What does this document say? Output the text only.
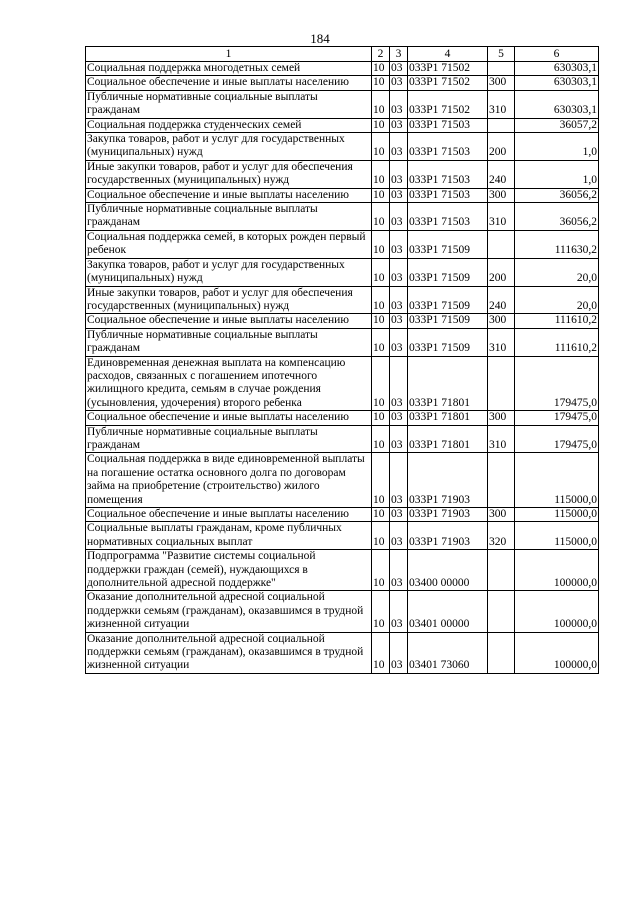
184
1	2	3	4	5	6
Социальная поддержка многодетных семей	10	03	033P1 71502		630303,1
Социальное обеспечение и иные выплаты населению	10	03	033P1 71502	300	630303,1
Публичные нормативные социальные выплаты гражданам	10	03	033P1 71502	310	630303,1
Социальная поддержка студенческих семей	10	03	033P1 71503		36057,2
Закупка товаров, работ и услуг для государственных (муниципальных) нужд	10	03	033P1 71503	200	1,0
Иные закупки товаров, работ и услуг для обеспечения государственных (муниципальных) нужд	10	03	033P1 71503	240	1,0
Социальное обеспечение и иные выплаты населению	10	03	033P1 71503	300	36056,2
Публичные нормативные социальные выплаты гражданам	10	03	033P1 71503	310	36056,2
Социальная поддержка семей, в которых рожден первый ребенок	10	03	033P1 71509		111630,2
Закупка товаров, работ и услуг для государственных (муниципальных) нужд	10	03	033P1 71509	200	20,0
Иные закупки товаров, работ и услуг для обеспечения государственных (муниципальных) нужд	10	03	033P1 71509	240	20,0
Социальное обеспечение и иные выплаты населению	10	03	033P1 71509	300	111610,2
Публичные нормативные социальные выплаты гражданам	10	03	033P1 71509	310	111610,2
Единовременная денежная выплата на компенсацию расходов, связанных с погашением ипотечного жилищного кредита, семьям в случае рождения (усыновления, удочерения) второго ребенка	10	03	033P1 71801		179475,0
Социальное обеспечение и иные выплаты населению	10	03	033P1 71801	300	179475,0
Публичные нормативные социальные выплаты гражданам	10	03	033P1 71801	310	179475,0
Социальная поддержка в виде единовременной выплаты на погашение остатка основного долга по договорам займа на приобретение (строительство) жилого помещения	10	03	033P1 71903		115000,0
Социальное обеспечение и иные выплаты населению	10	03	033P1 71903	300	115000,0
Социальные выплаты гражданам, кроме публичных нормативных социальных выплат	10	03	033P1 71903	320	115000,0
Подпрограмма "Развитие системы социальной поддержки граждан (семей), нуждающихся в дополнительной адресной поддержке"	10	03	03400 00000		100000,0
Оказание дополнительной адресной социальной поддержки семьям (гражданам), оказавшимся в трудной жизненной ситуации	10	03	03401 00000		100000,0
Оказание дополнительной адресной социальной поддержки семьям (гражданам), оказавшимся в трудной жизненной ситуации	10	03	03401 73060		100000,0
